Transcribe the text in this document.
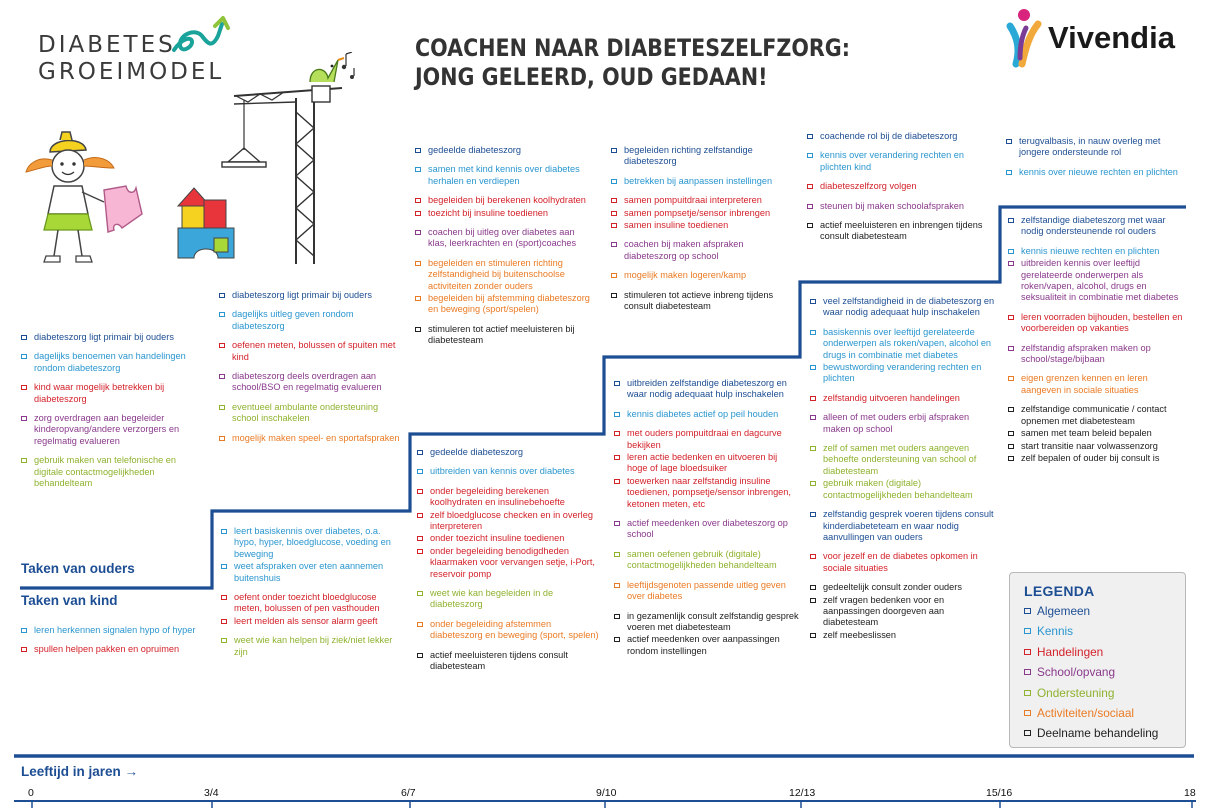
DIABETES
GROEIMODEL
COACHEN NAAR DIABETESZELFZORG:
JONG GELEERD, OUD GEDAAN!
Vivendia
Taken van ouders
Taken van kind
diabeteszorg ligt primair bij ouders
dagelijks benoemen van handelingen rondom diabeteszorg
kind waar mogelijk betrekken bij diabeteszorg
zorg overdragen aan begeleider kinderopvang/andere verzorgers en regelmatig evalueren
gebruik maken van telefonische en digitale contactmogelijkheden behandelteam
diabeteszorg ligt primair bij ouders
dagelijks uitleg geven rondom diabeteszorg
oefenen meten, bolussen of spuiten met kind
diabeteszorg deels overdragen aan school/BSO en regelmatig evalueren
eventueel ambulante ondersteuning school inschakelen
mogelijk maken speel- en sportafspraken
gedeelde diabeteszorg
samen met kind kennis over diabetes herhalen en verdiepen
begeleiden bij berekenen koolhydraten
toezicht bij insuline toedienen
coachen bij uitleg over diabetes aan klas, leerkrachten en (sport)coaches
begeleiden en stimuleren richting zelfstandigheid bij buitenschoolse activiteiten zonder ouders
begeleiden bij afstemming diabeteszorg en beweging (sport/spelen)
stimuleren tot actief meeluisteren bij diabetesteam
begeleiden richting zelfstandige diabeteszorg
betrekken bij aanpassen instellingen
samen pompuitdraai interpreteren
samen pompsetje/sensor inbrengen
samen insuline toedienen
coachen bij maken afspraken diabeteszorg op school
mogelijk maken logeren/kamp
stimuleren tot actieve inbreng tijdens consult diabetesteam
coachende rol bij de diabeteszorg
kennis over verandering rechten en plichten kind
diabeteszelfzorg volgen
steunen bij maken schoolafspraken
actief meeluisteren en inbrengen tijdens consult diabetesteam
terugvalbasis, in nauw overleg met jongere ondersteunde rol
kennis over nieuwe rechten en plichten
leren herkennen signalen hypo of hyper
spullen helpen pakken en opruimen
leert basiskennis over diabetes, o.a. hypo, hyper, bloedglucose, voeding en beweging
weet afspraken over eten aannemen buitenshuis
oefent onder toezicht bloedglucose meten, bolussen of pen vasthouden
leert melden als sensor alarm geeft
weet wie kan helpen bij ziek/niet lekker zijn
gedeelde diabeteszorg
uitbreiden van kennis over diabetes
onder begeleiding berekenen koolhydraten en insulinebehoefte
zelf bloedglucose checken en in overleg interpreteren
onder toezicht insuline toedienen
onder begeleiding benodigdheden klaarmaken voor vervangen setje, i-Port, reservoir pomp
weet wie kan begeleiden in de diabeteszorg
onder begeleiding afstemmen diabeteszorg en beweging (sport, spelen)
actief meeluisteren tijdens consult diabetesteam
uitbreiden zelfstandige diabeteszorg en waar nodig adequaat hulp inschakelen
kennis diabetes actief op peil houden
met ouders pompuitdraai en dagcurve bekijken
leren actie bedenken en uitvoeren bij hoge of lage bloedsuiker
toewerken naar zelfstandig insuline toedienen, pompsetje/sensor inbrengen, ketonen meten, etc
actief meedenken over diabeteszorg op school
samen oefenen gebruik (digitale) contactmogelijkheden behandelteam
leeftijdsgenoten passende uitleg geven over diabetes
in gezamenlijk consult zelfstandig gesprek voeren met diabetesteam
actief meedenken over aanpassingen rondom instellingen
veel zelfstandigheid in de diabeteszorg en waar nodig adequaat hulp inschakelen
basiskennis over leeftijd gerelateerde onderwerpen als roken/vapen, alcohol en drugs in combinatie met diabetes
bewustwording verandering rechten en plichten
zelfstandig uitvoeren handelingen
alleen of met ouders erbij afspraken maken op school
zelf of samen met ouders aangeven behoefte ondersteuning van school of diabetesteam
gebruik maken (digitale) contactmogelijkheden behandelteam
zelfstandig gesprek voeren tijdens consult kinderdiabeteteam en waar nodig aanvullingen van ouders
voor jezelf en de diabetes opkomen in sociale situaties
gedeeltelijk consult zonder ouders
zelf vragen bedenken voor en aanpassingen doorgeven aan diabetesteam
zelf meebeslissen
zelfstandige diabeteszorg met waar nodig ondersteunende rol ouders
kennis nieuwe rechten en plichten
uitbreiden kennis over leeftijd gerelateerde onderwerpen als roken/vapen, alcohol, drugs en seksualiteit in combinatie met diabetes
leren voorraden bijhouden, bestellen en voorbereiden op vakanties
zelfstandig afspraken maken op school/stage/bijbaan
eigen grenzen kennen en leren aangeven in sociale situaties
zelfstandige communicatie / contact opnemen met diabetesteam
samen met team beleid bepalen
start transitie naar volwassenzorg
zelf bepalen of ouder bij consult is
LEGENDA
Algemeen
Kennis
Handelingen
School/opvang
Ondersteuning
Activiteiten/sociaal
Deelname behandeling
Leeftijd in jaren →
0	3/4	6/7	9/10	12/13	15/16	18
